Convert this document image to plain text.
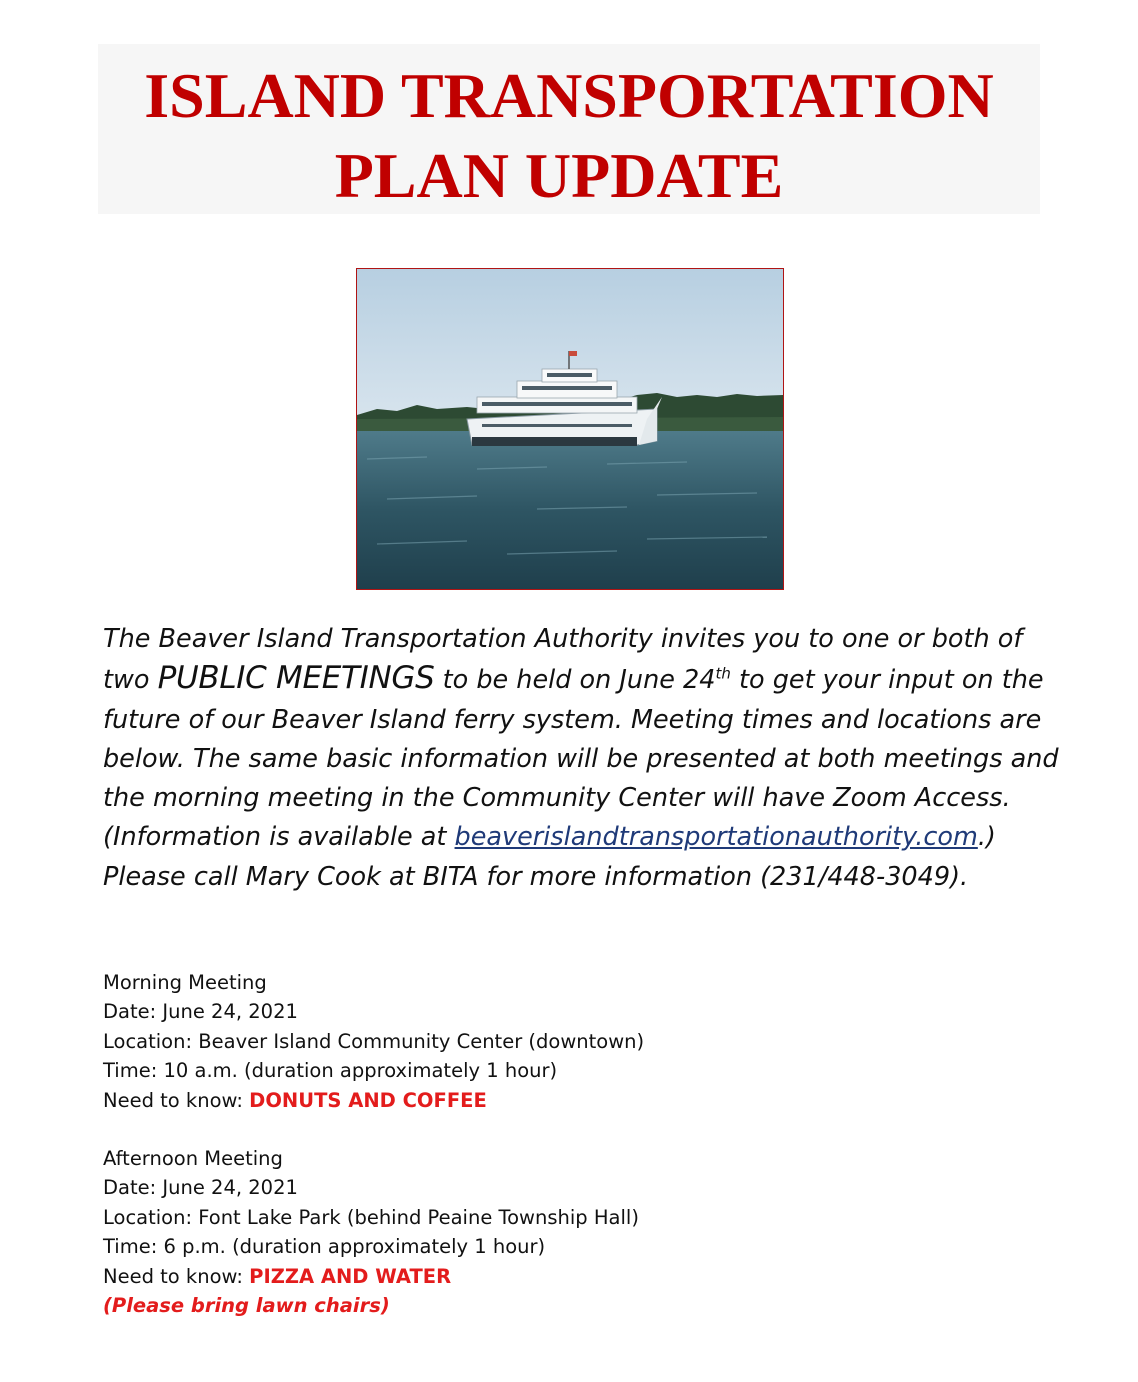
ISLAND TRANSPORTATION
PLAN UPDATE
The Beaver Island Transportation Authority invites you to one or both of two PUBLIC MEETINGS to be held on June 24th to get your input on the future of our Beaver Island ferry system. Meeting times and locations are below. The same basic information will be presented at both meetings and the morning meeting in the Community Center will have Zoom Access. (Information is available at beaverislandtransportationauthority.com.) Please call Mary Cook at BITA for more information (231/448-3049).
Morning Meeting
Date: June 24, 2021
Location: Beaver Island Community Center (downtown)
Time: 10 a.m. (duration approximately 1 hour)
Need to know: DONUTS AND COFFEE
Afternoon Meeting
Date: June 24, 2021
Location: Font Lake Park (behind Peaine Township Hall)
Time: 6 p.m. (duration approximately 1 hour)
Need to know: PIZZA AND WATER
(Please bring lawn chairs)
